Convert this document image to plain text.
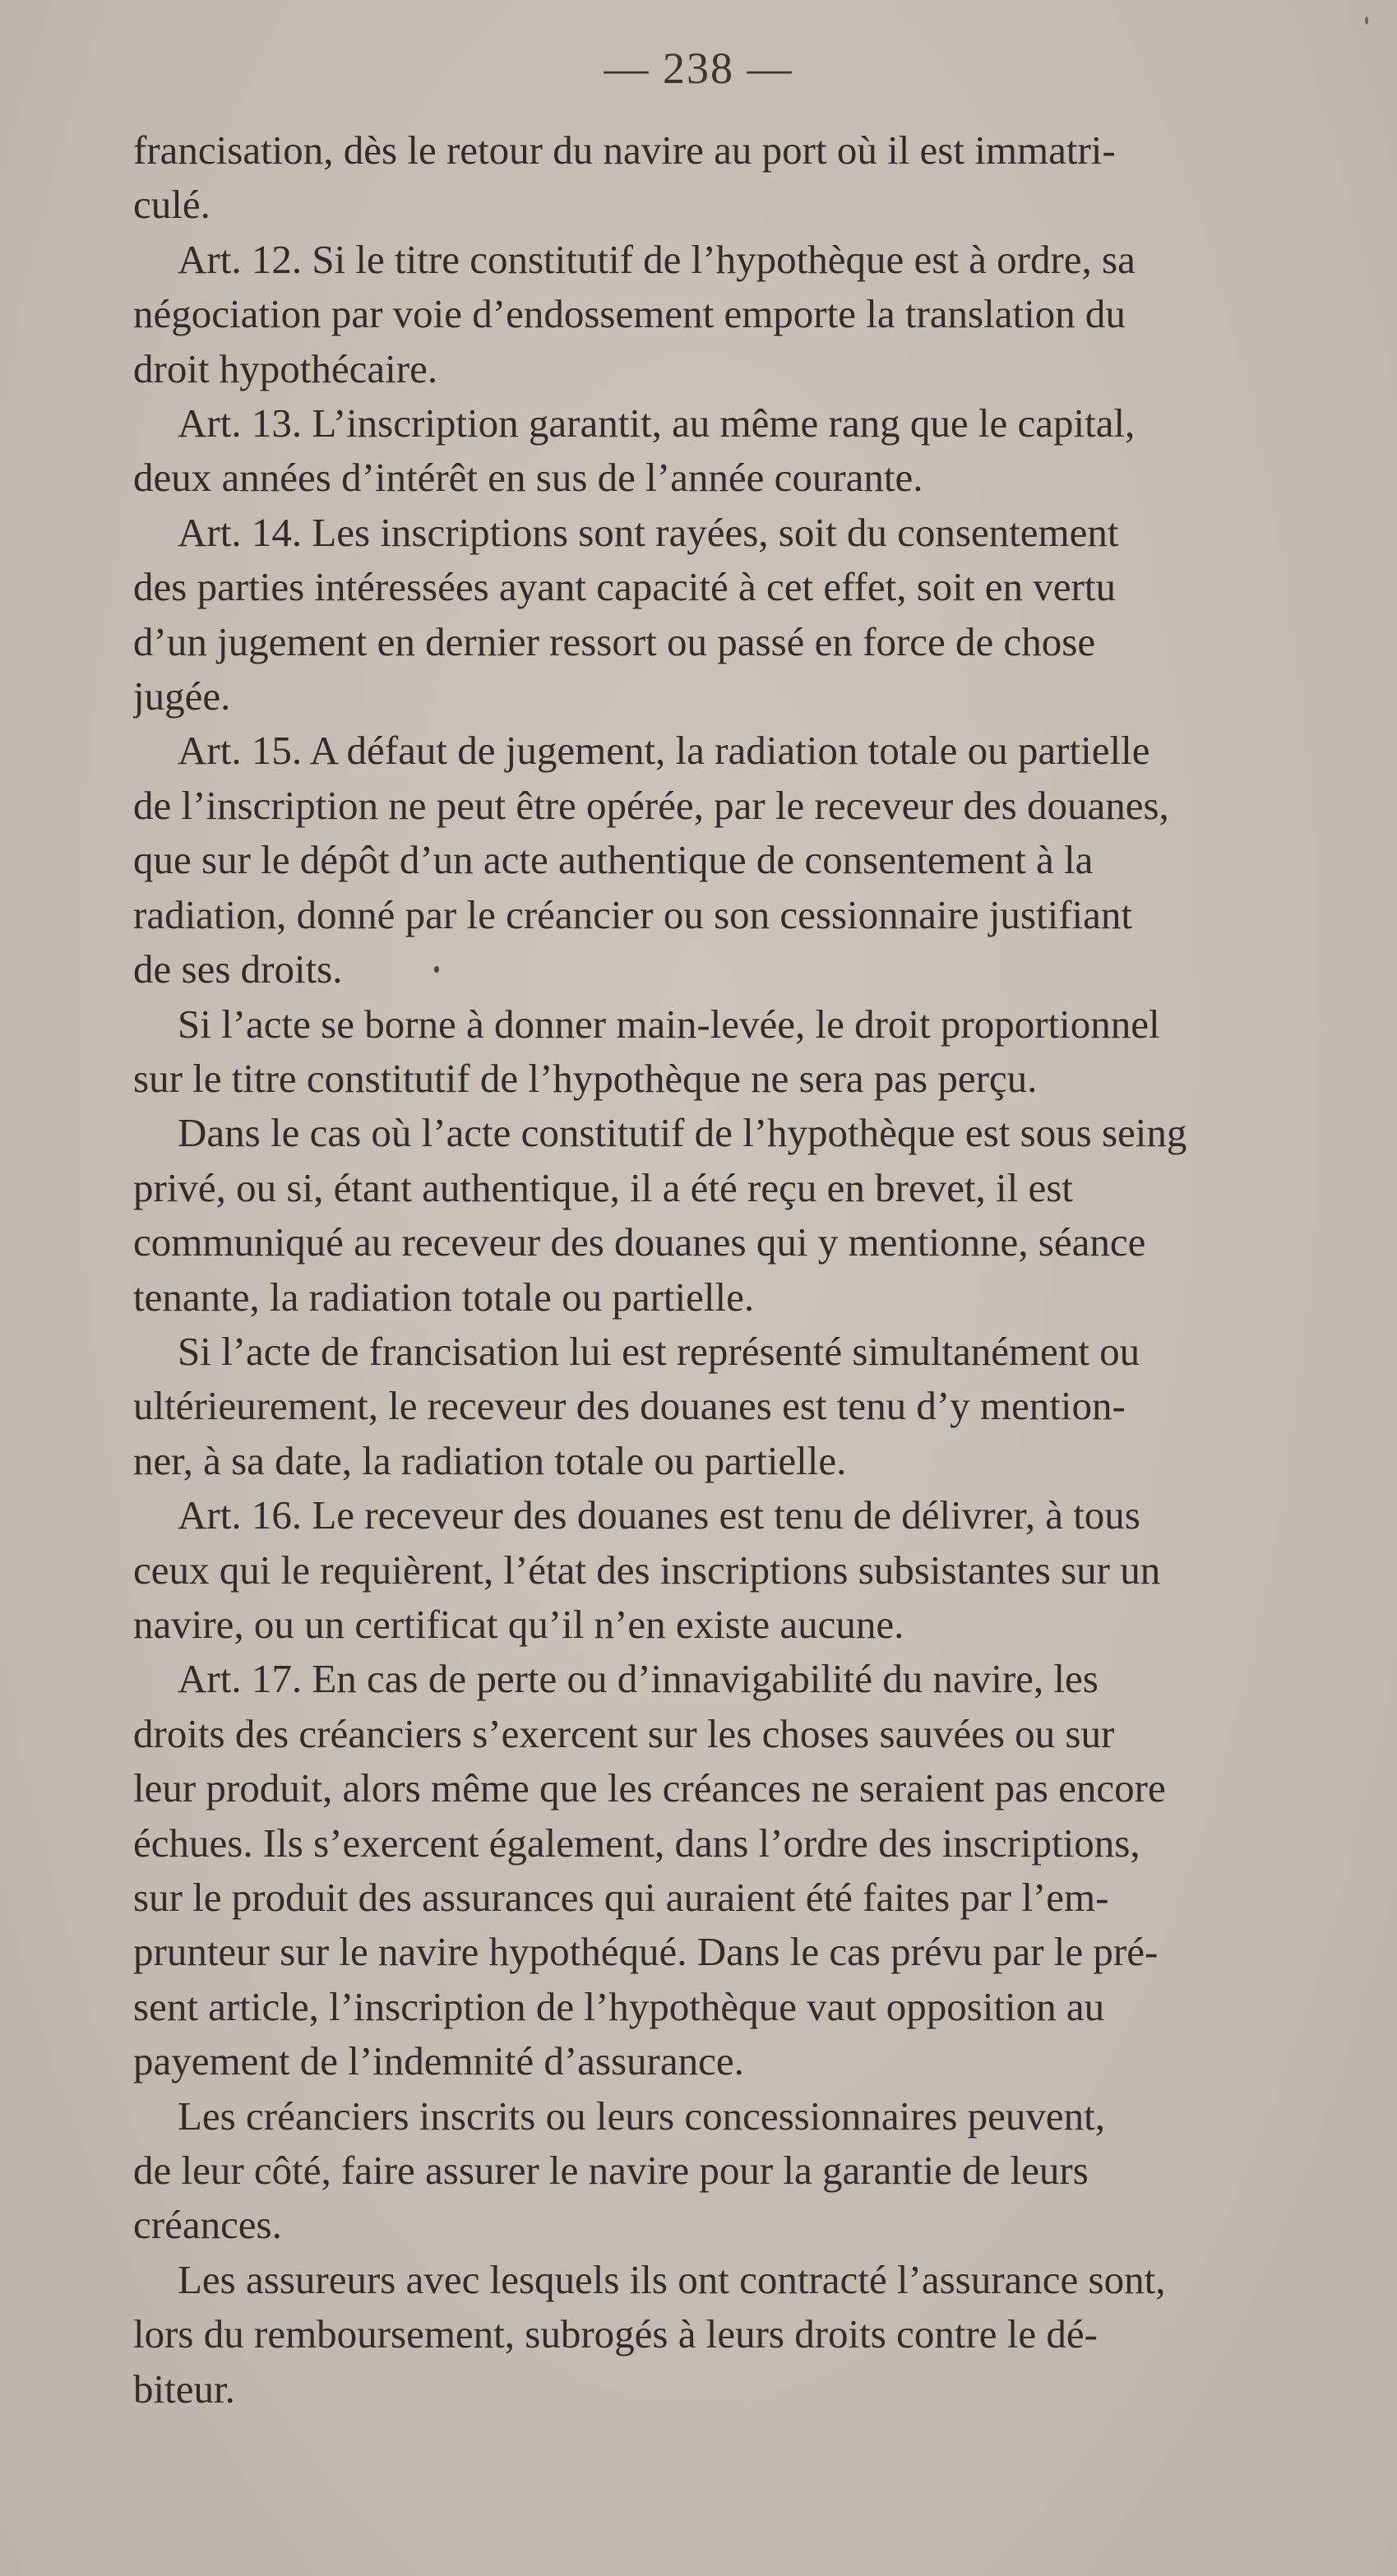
— 238 —
francisation, dès le retour du navire au port où il est immatri-
culé.
Art. 12. Si le titre constitutif de l’hypothèque est à ordre, sa
négociation par voie d’endossement emporte la translation du
droit hypothécaire.
Art. 13. L’inscription garantit, au même rang que le capital,
deux années d’intérêt en sus de l’année courante.
Art. 14. Les inscriptions sont rayées, soit du consentement
des parties intéressées ayant capacité à cet effet, soit en vertu
d’un jugement en dernier ressort ou passé en force de chose
jugée.
Art. 15. A défaut de jugement, la radiation totale ou partielle
de l’inscription ne peut être opérée, par le receveur des douanes,
que sur le dépôt d’un acte authentique de consentement à la
radiation, donné par le créancier ou son cessionnaire justifiant
de ses droits.
Si l’acte se borne à donner main-levée, le droit proportionnel
sur le titre constitutif de l’hypothèque ne sera pas perçu.
Dans le cas où l’acte constitutif de l’hypothèque est sous seing
privé, ou si, étant authentique, il a été reçu en brevet, il est
communiqué au receveur des douanes qui y mentionne, séance
tenante, la radiation totale ou partielle.
Si l’acte de francisation lui est représenté simultanément ou
ultérieurement, le receveur des douanes est tenu d’y mention-
ner, à sa date, la radiation totale ou partielle.
Art. 16. Le receveur des douanes est tenu de délivrer, à tous
ceux qui le requièrent, l’état des inscriptions subsistantes sur un
navire, ou un certificat qu’il n’en existe aucune.
Art. 17. En cas de perte ou d’innavigabilité du navire, les
droits des créanciers s’exercent sur les choses sauvées ou sur
leur produit, alors même que les créances ne seraient pas encore
échues. Ils s’exercent également, dans l’ordre des inscriptions,
sur le produit des assurances qui auraient été faites par l’em-
prunteur sur le navire hypothéqué. Dans le cas prévu par le pré-
sent article, l’inscription de l’hypothèque vaut opposition au
payement de l’indemnité d’assurance.
Les créanciers inscrits ou leurs concessionnaires peuvent,
de leur côté, faire assurer le navire pour la garantie de leurs
créances.
Les assureurs avec lesquels ils ont contracté l’assurance sont,
lors du remboursement, subrogés à leurs droits contre le dé-
biteur.
